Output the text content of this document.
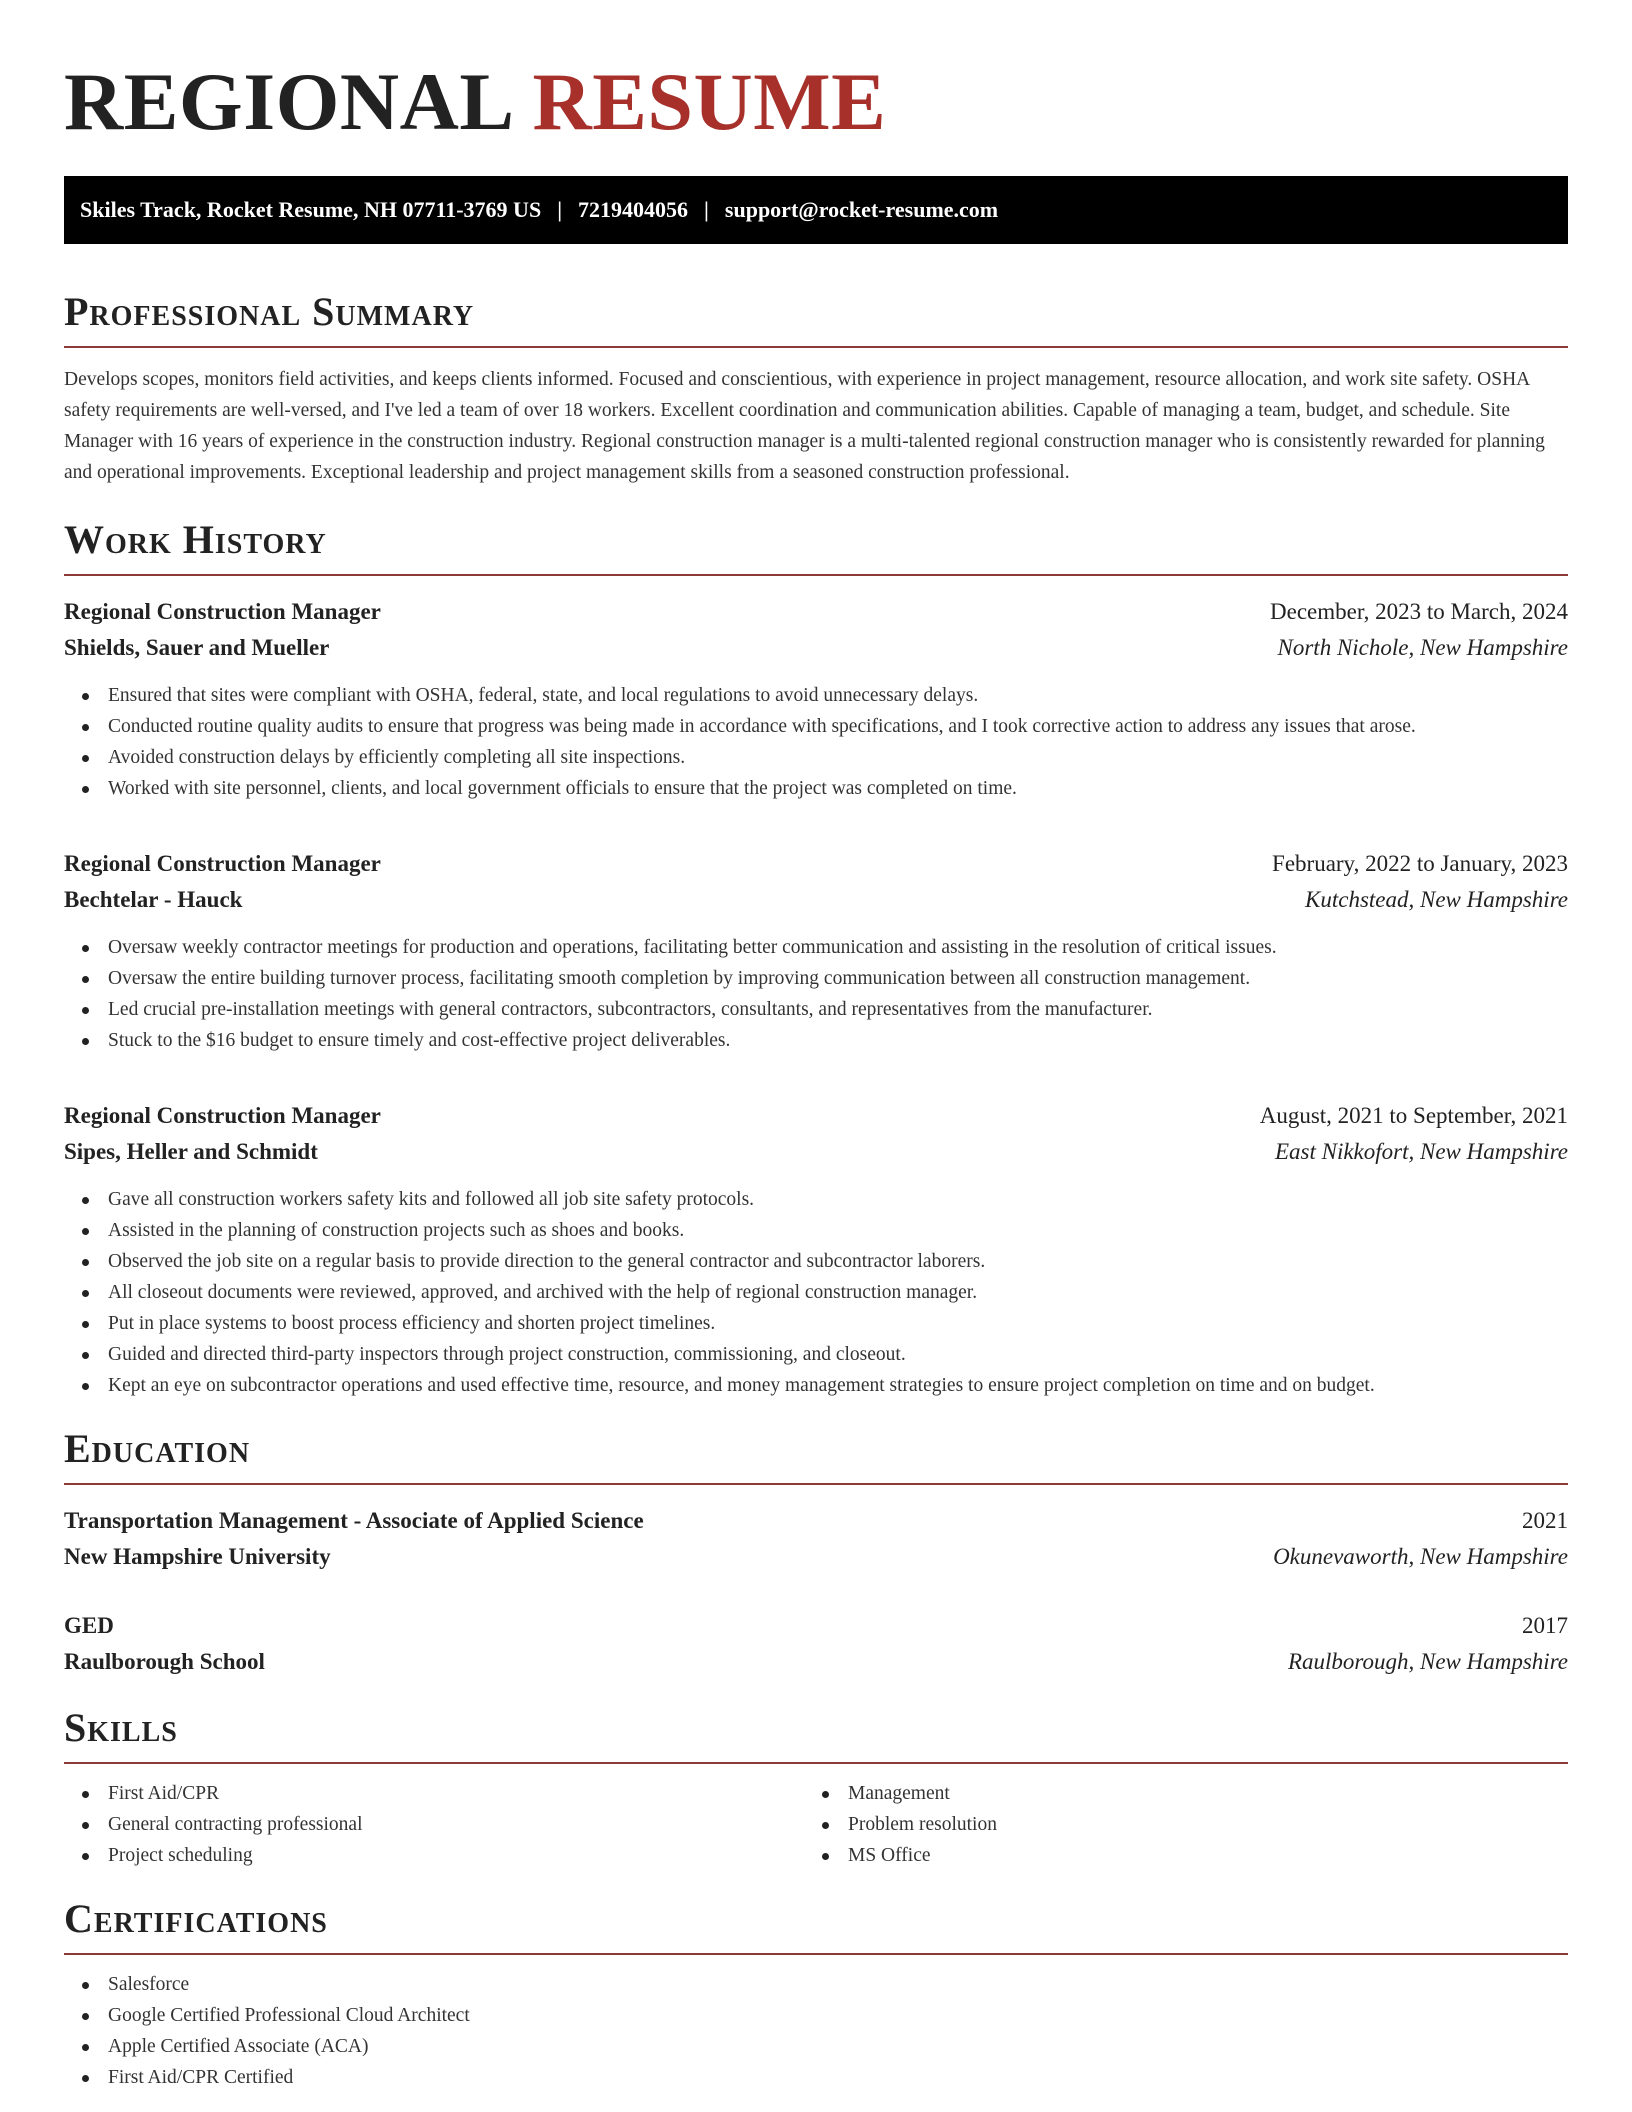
REGIONAL RESUME
Skiles Track, Rocket Resume, NH 07711-3769 US | 7219404056 | support@rocket-resume.com
Professional Summary

Develops scopes, monitors field activities, and keeps clients informed. Focused and conscientious, with experience in project management, resource allocation, and work site safety. OSHA safety requirements are well-versed, and I've led a team of over 18 workers. Excellent coordination and communication abilities. Capable of managing a team, budget, and schedule. Site Manager with 16 years of experience in the construction industry. Regional construction manager is a multi-talented regional construction manager who is consistently rewarded for planning and operational improvements. Exceptional leadership and project management skills from a seasoned construction professional.

Work History
Regional Construction Manager	December, 2023 to March, 2024
Shields, Sauer and Mueller	North Nichole, New Hampshire
Ensured that sites were compliant with OSHA, federal, state, and local regulations to avoid unnecessary delays.
Conducted routine quality audits to ensure that progress was being made in accordance with specifications, and I took corrective action to address any issues that arose.
Avoided construction delays by efficiently completing all site inspections.
Worked with site personnel, clients, and local government officials to ensure that the project was completed on time.
Regional Construction Manager	February, 2022 to January, 2023
Bechtelar - Hauck	Kutchstead, New Hampshire
Oversaw weekly contractor meetings for production and operations, facilitating better communication and assisting in the resolution of critical issues.
Oversaw the entire building turnover process, facilitating smooth completion by improving communication between all construction management.
Led crucial pre-installation meetings with general contractors, subcontractors, consultants, and representatives from the manufacturer.
Stuck to the $16 budget to ensure timely and cost-effective project deliverables.
Regional Construction Manager	August, 2021 to September, 2021
Sipes, Heller and Schmidt	East Nikkofort, New Hampshire
Gave all construction workers safety kits and followed all job site safety protocols.
Assisted in the planning of construction projects such as shoes and books.
Observed the job site on a regular basis to provide direction to the general contractor and subcontractor laborers.
All closeout documents were reviewed, approved, and archived with the help of regional construction manager.
Put in place systems to boost process efficiency and shorten project timelines.
Guided and directed third-party inspectors through project construction, commissioning, and closeout.
Kept an eye on subcontractor operations and used effective time, resource, and money management strategies to ensure project completion on time and on budget.
Education
Transportation Management - Associate of Applied Science	2021
New Hampshire University	Okunevaworth, New Hampshire
GED	2017
Raulborough School	Raulborough, New Hampshire
Skills
First Aid/CPR
General contracting professional
Project scheduling
Management
Problem resolution
MS Office
Certifications
Salesforce
Google Certified Professional Cloud Architect
Apple Certified Associate (ACA)
First Aid/CPR Certified
